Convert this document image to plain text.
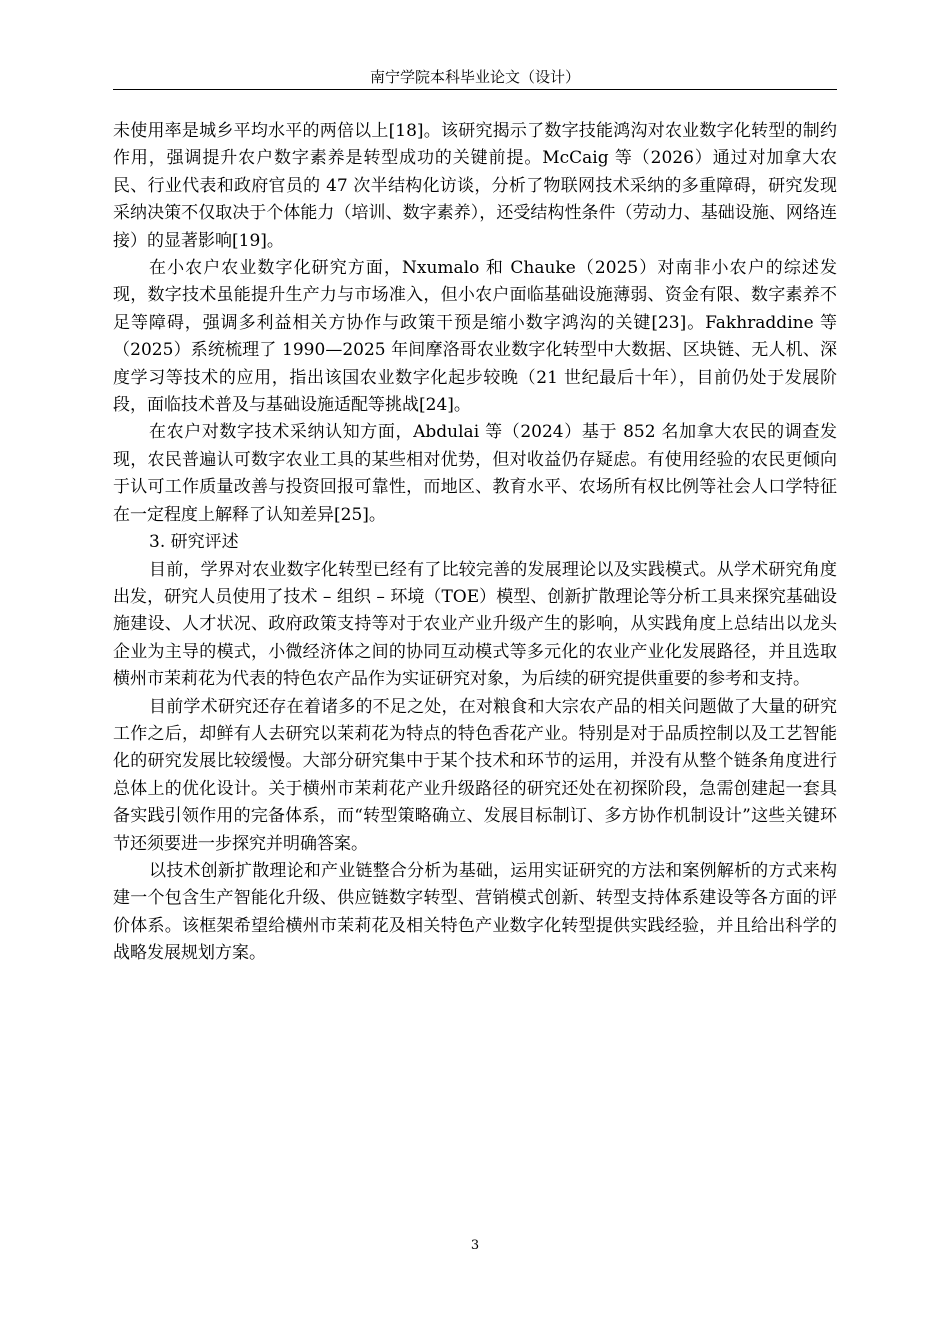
南宁学院本科毕业论文（设计）

未使用率是城乡平均水平的两倍以上[18]。该研究揭示了数字技能鸿沟对农业数字化转型的制约作用，强调提升农户数字素养是转型成功的关键前提。McCaig 等（2026）通过对加拿大农民、行业代表和政府官员的 47 次半结构化访谈，分析了物联网技术采纳的多重障碍，研究发现采纳决策不仅取决于个体能力（培训、数字素养），还受结构性条件（劳动力、基础设施、网络连接）的显著影响[19]。

在小农户农业数字化研究方面，Nxumalo 和 Chauke（2025）对南非小农户的综述发现，数字技术虽能提升生产力与市场准入，但小农户面临基础设施薄弱、资金有限、数字素养不足等障碍，强调多利益相关方协作与政策干预是缩小数字鸿沟的关键[23]。Fakhraddine 等（2025）系统梳理了 1990—2025 年间摩洛哥农业数字化转型中大数据、区块链、无人机、深度学习等技术的应用，指出该国农业数字化起步较晚（21 世纪最后十年），目前仍处于发展阶段，面临技术普及与基础设施适配等挑战[24]。

在农户对数字技术采纳认知方面，Abdulai 等（2024）基于 852 名加拿大农民的调查发现，农民普遍认可数字农业工具的某些相对优势，但对收益仍存疑虑。有使用经验的农民更倾向于认可工作质量改善与投资回报可靠性，而地区、教育水平、农场所有权比例等社会人口学特征在一定程度上解释了认知差异[25]。

3. 研究评述

目前，学界对农业数字化转型已经有了比较完善的发展理论以及实践模式。从学术研究角度出发，研究人员使用了技术 – 组织 – 环境（TOE）模型、创新扩散理论等分析工具来探究基础设施建设、人才状况、政府政策支持等对于农业产业升级产生的影响，从实践角度上总结出以龙头企业为主导的模式，小微经济体之间的协同互动模式等多元化的农业产业化发展路径，并且选取横州市茉莉花为代表的特色农产品作为实证研究对象，为后续的研究提供重要的参考和支持。

目前学术研究还存在着诸多的不足之处，在对粮食和大宗农产品的相关问题做了大量的研究工作之后，却鲜有人去研究以茉莉花为特点的特色香花产业。特别是对于品质控制以及工艺智能化的研究发展比较缓慢。大部分研究集中于某个技术和环节的运用，并没有从整个链条角度进行总体上的优化设计。关于横州市茉莉花产业升级路径的研究还处在初探阶段，急需创建起一套具备实践引领作用的完备体系，而“转型策略确立、发展目标制订、多方协作机制设计”这些关键环节还须要进一步探究并明确答案。

以技术创新扩散理论和产业链整合分析为基础，运用实证研究的方法和案例解析的方式来构建一个包含生产智能化升级、供应链数字转型、营销模式创新、转型支持体系建设等各方面的评价体系。该框架希望给横州市茉莉花及相关特色产业数字化转型提供实践经验，并且给出科学的战略发展规划方案。

3
